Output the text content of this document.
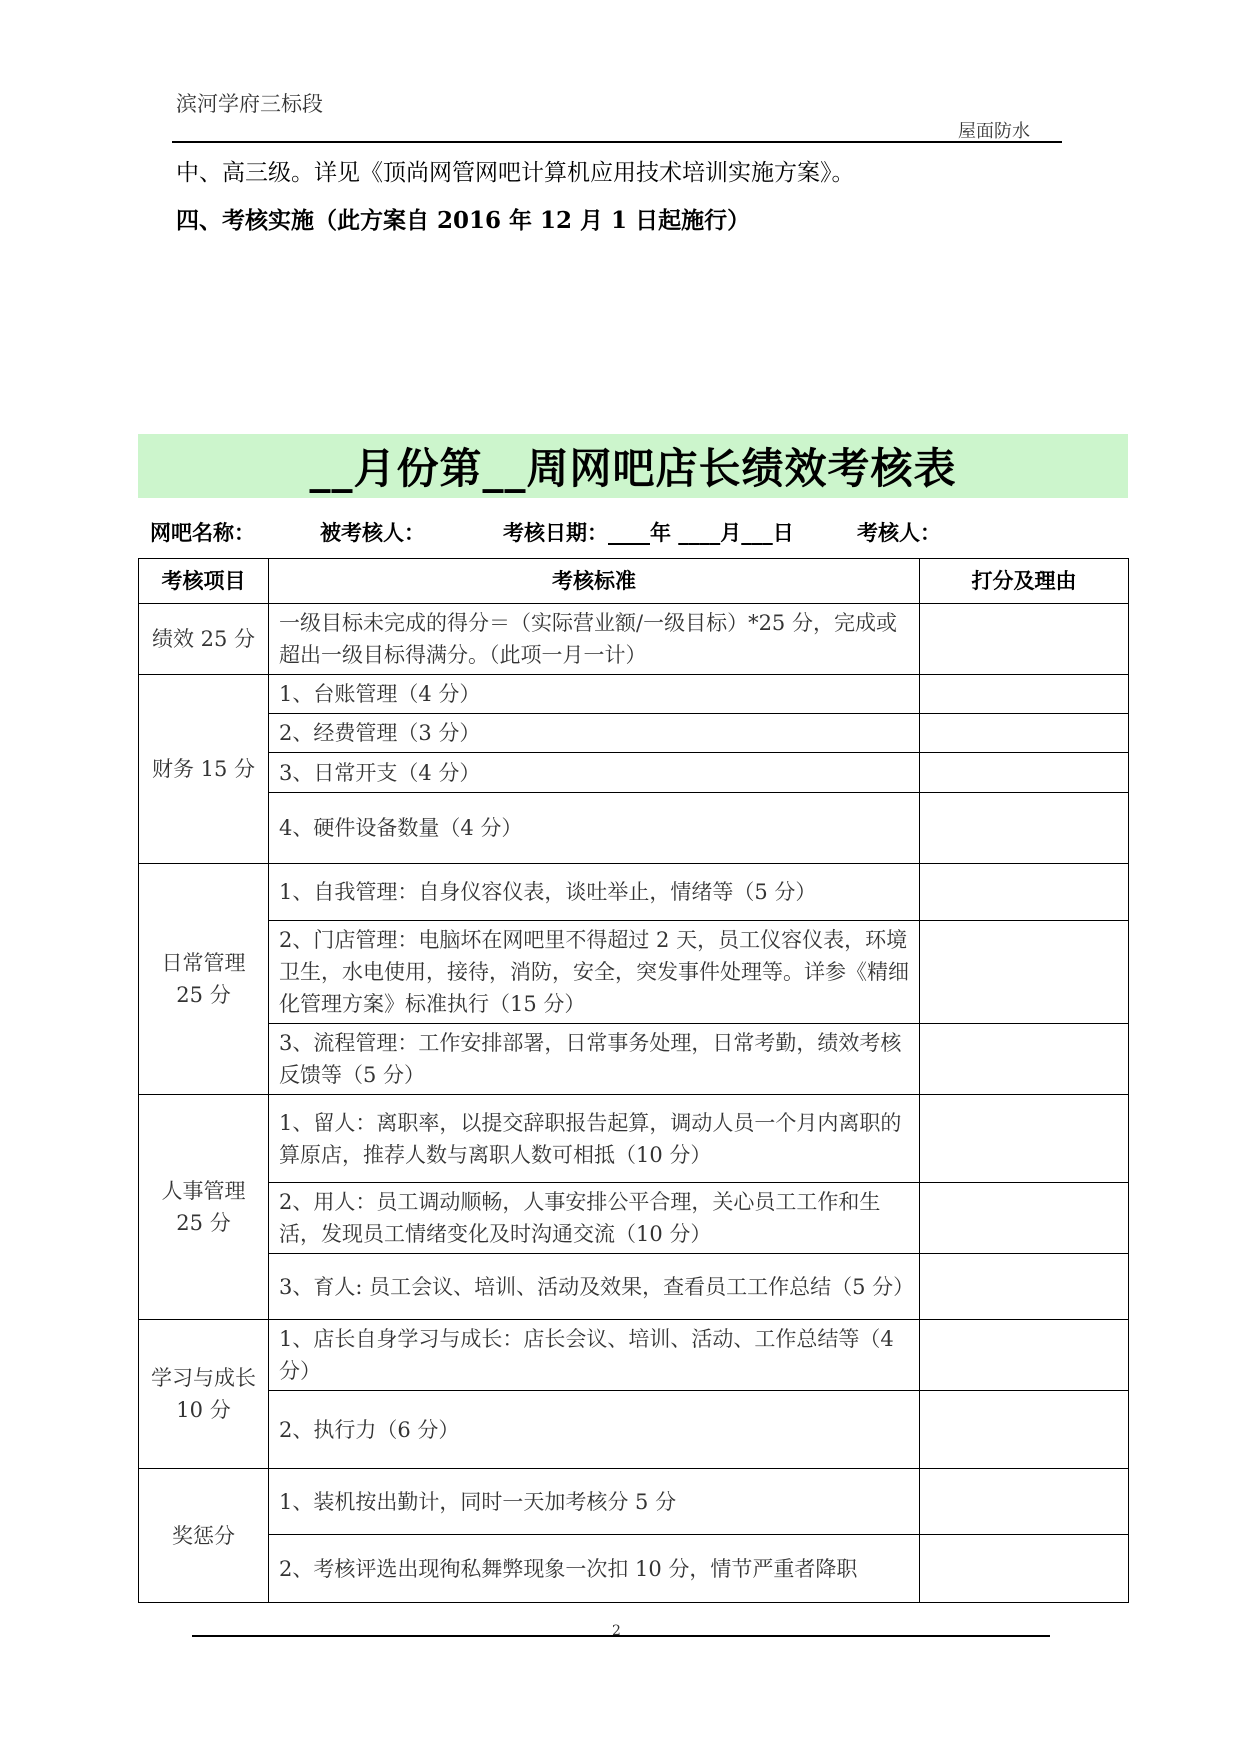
滨河学府三标段
屋面防水
中、高三级。详见《顶尚网管网吧计算机应用技术培训实施方案》。
四、考核实施（此方案自 2016 年 12 月 1 日起施行）
__月份第__周网吧店长绩效考核表
网吧名称：	被考核人：	考核日期：____年 ____月___日	考核人：
考核项目	考核标准	打分及理由
绩效 25 分	一级目标未完成的得分＝（实际营业额/一级目标）*25 分，完成或超出一级目标得满分。（此项一月一计）	
财务 15 分	1、台账管理（4 分）	
	2、经费管理（3 分）	
	3、日常开支（4 分）	
	4、硬件设备数量（4 分）	
日常管理 25 分	1、自我管理：自身仪容仪表，谈吐举止，情绪等（5 分）	
	2、门店管理：电脑坏在网吧里不得超过 2 天，员工仪容仪表，环境卫生，水电使用，接待，消防，安全，突发事件处理等。详参《精细化管理方案》标准执行（15 分）	
	3、流程管理：工作安排部署，日常事务处理，日常考勤，绩效考核反馈等（5 分）	
人事管理 25 分	1、留人：离职率，以提交辞职报告起算，调动人员一个月内离职的算原店，推荐人数与离职人数可相抵（10 分）	
	2、用人：员工调动顺畅，人事安排公平合理，关心员工工作和生活，发现员工情绪变化及时沟通交流（10 分）	
	3、育人: 员工会议、培训、活动及效果，查看员工工作总结（5 分）	
学习与成长 10 分	1、店长自身学习与成长：店长会议、培训、活动、工作总结等（4 分）	
	2、执行力（6 分）	
奖惩分	1、装机按出勤计，同时一天加考核分 5 分	
	2、考核评选出现徇私舞弊现象一次扣 10 分，情节严重者降职	
2
